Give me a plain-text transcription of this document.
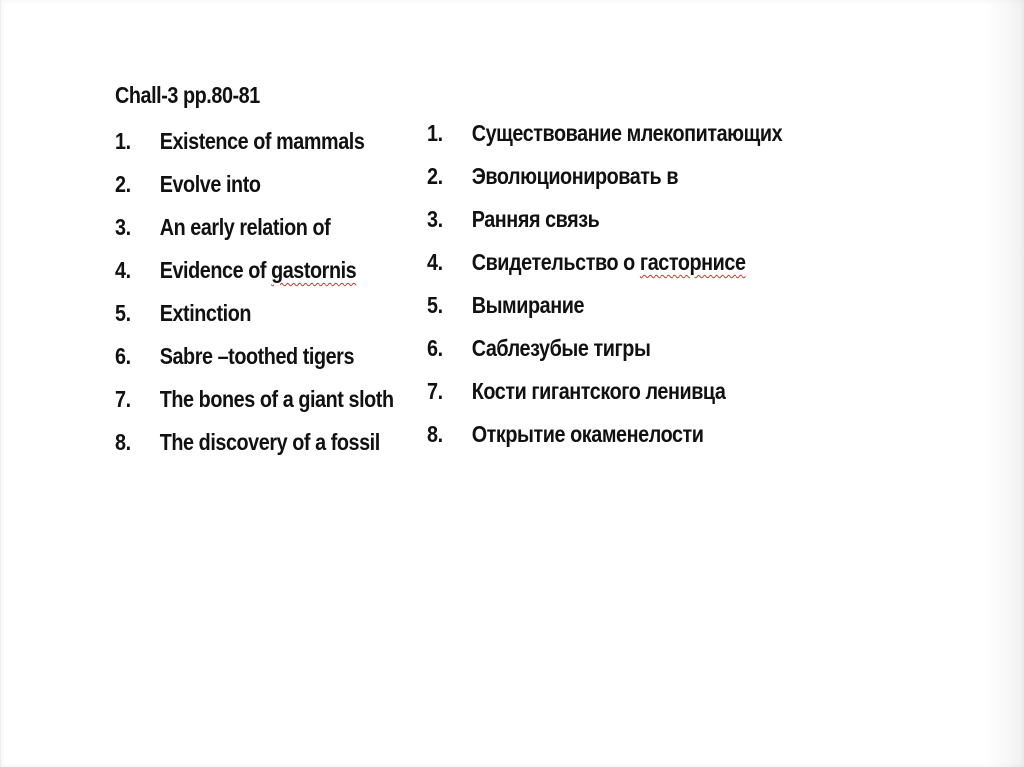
Chall-3 pp.80-81
1. Existence of mammals
2. Evolve into
3. An early relation of
4. Evidence of gastornis
5. Extinction
6. Sabre –toothed tigers
7. The bones of a giant sloth
8. The discovery of a fossil
1. Существование млекопитающих
2. Эволюционировать в
3. Ранняя связь
4. Свидетельство о гасторнисе
5. Вымирание
6. Саблезубые тигры
7. Кости гигантского ленивца
8. Открытие окаменелости
